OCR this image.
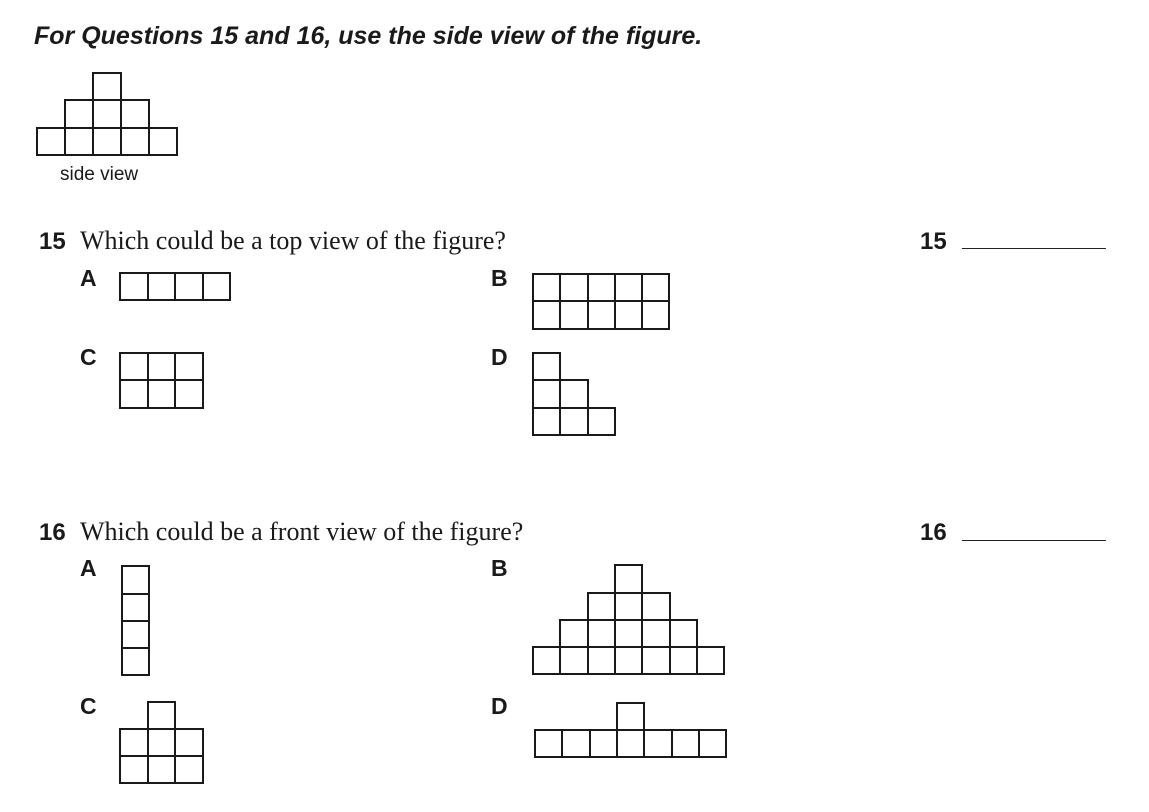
For Questions 15 and 16, use the side view of the figure.
side view
15 Which could be a top view of the figure?	15
A	B
C	D
16 Which could be a front view of the figure?	16
A	B
C	D
